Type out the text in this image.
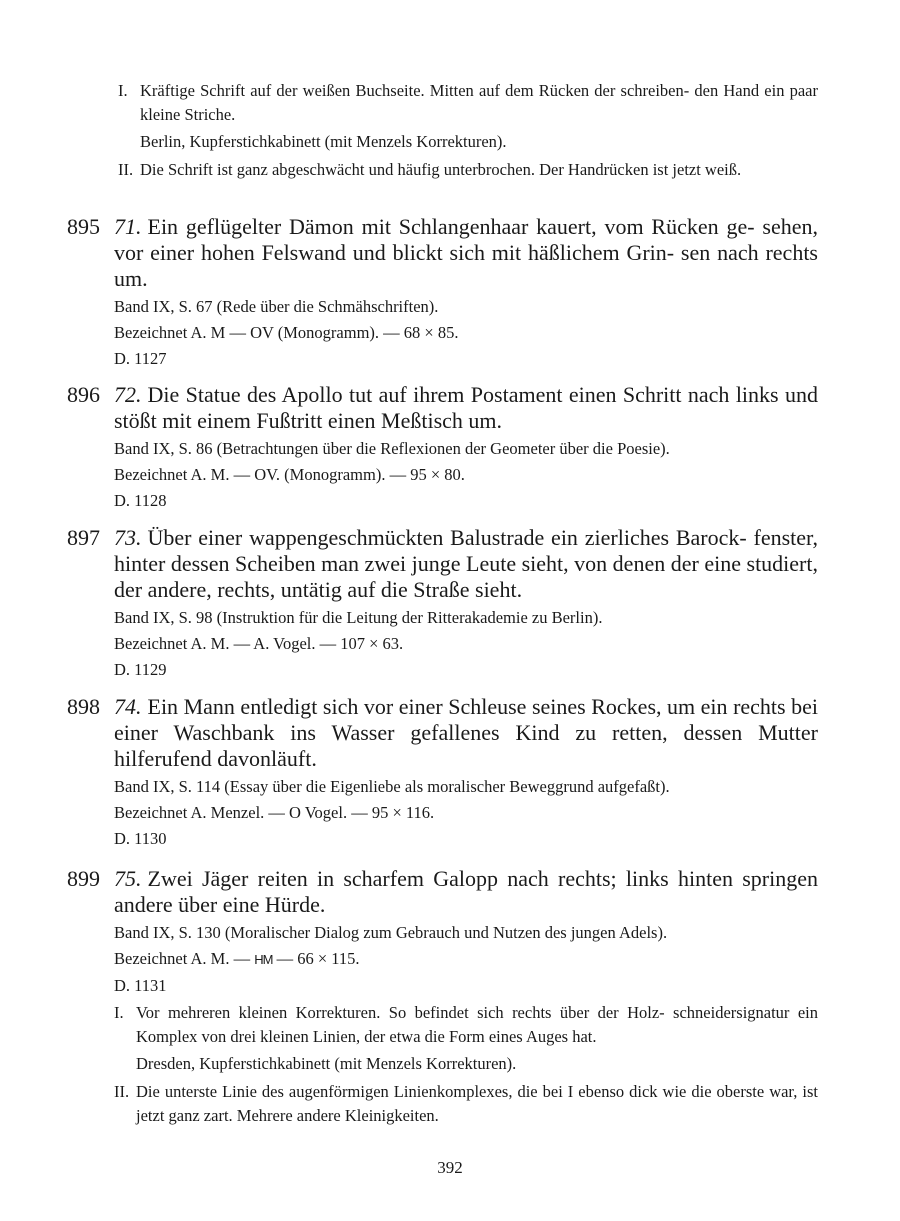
I. Kräftige Schrift auf der weißen Buchseite. Mitten auf dem Rücken der schreiben- den Hand ein paar kleine Striche.
Berlin, Kupferstichkabinett (mit Menzels Korrekturen).
II. Die Schrift ist ganz abgeschwächt und häufig unterbrochen. Der Handrücken ist jetzt weiß.
895 71. Ein geflügelter Dämon mit Schlangenhaar kauert, vom Rücken ge- sehen, vor einer hohen Felswand und blickt sich mit häßlichem Grin- sen nach rechts um.
Band IX, S. 67 (Rede über die Schmähschriften).
Bezeichnet A. M — OV (Monogramm). — 68 × 85.
D. 1127
896 72. Die Statue des Apollo tut auf ihrem Postament einen Schritt nach links und stößt mit einem Fußtritt einen Meßtisch um.
Band IX, S. 86 (Betrachtungen über die Reflexionen der Geometer über die Poesie).
Bezeichnet A. M. — OV. (Monogramm). — 95 × 80.
D. 1128
897 73. Über einer wappengeschmückten Balustrade ein zierliches Barock- fenster, hinter dessen Scheiben man zwei junge Leute sieht, von denen der eine studiert, der andere, rechts, untätig auf die Straße sieht.
Band IX, S. 98 (Instruktion für die Leitung der Ritterakademie zu Berlin).
Bezeichnet A. M. — A. Vogel. — 107 × 63.
D. 1129
898 74. Ein Mann entledigt sich vor einer Schleuse seines Rockes, um ein rechts bei einer Waschbank ins Wasser gefallenes Kind zu retten, dessen Mutter hilferufend davonläuft.
Band IX, S. 114 (Essay über die Eigenliebe als moralischer Beweggrund aufgefaßt).
Bezeichnet A. Menzel. — O Vogel. — 95 × 116.
D. 1130
899 75. Zwei Jäger reiten in scharfem Galopp nach rechts; links hinten springen andere über eine Hürde.
Band IX, S. 130 (Moralischer Dialog zum Gebrauch und Nutzen des jungen Adels).
Bezeichnet A. M. — HM — 66 × 115.
D. 1131
I. Vor mehreren kleinen Korrekturen. So befindet sich rechts über der Holz- schneidersignatur ein Komplex von drei kleinen Linien, der etwa die Form eines Auges hat.
Dresden, Kupferstichkabinett (mit Menzels Korrekturen).
II. Die unterste Linie des augenförmigen Linienkomplexes, die bei I ebenso dick wie die oberste war, ist jetzt ganz zart. Mehrere andere Kleinigkeiten.
392
